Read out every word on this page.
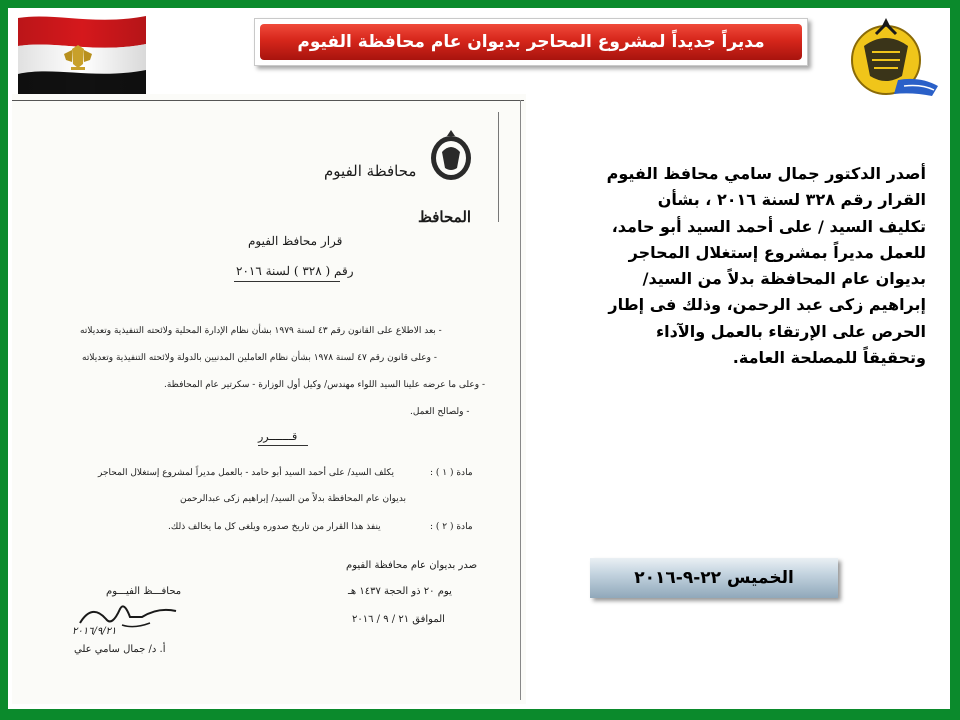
مديراً جديداً لمشروع المحاجر بديوان عام محافظة الفيوم
محافظة الفيوم
المحافظ
قرار محافظ الفيوم
رقم ( ٣٢٨ ) لسنة ٢٠١٦
- بعد الاطلاع على القانون رقم ٤٣ لسنة ١٩٧٩ بشأن نظام الإدارة المحلية ولائحته التنفيذية وتعديلاته
- وعلى قانون رقم ٤٧ لسنة ١٩٧٨ بشأن نظام العاملين المدنيين بالدولة ولائحته التنفيذية وتعديلاته
- وعلى ما عرضه علينا السيد اللواء مهندس/ وكيل أول الوزارة - سكرتير عام المحافظة.
- ولصالح العمل.
قـــــــرر
مادة ( ١ ) :
يكلف السيد/ على أحمد السيد أبو حامد - بالعمل مديراً لمشروع إستغلال المحاجر
بديوان عام المحافظة بدلاً من السيد/ إبراهيم زكى عبدالرحمن
مادة ( ٢ ) :
ينفذ هذا القرار من تاريخ صدوره ويلغى كل ما يخالف ذلك.
صدر بديوان عام محافظة الفيوم
يوم ٢٠ ذو الحجة ١٤٣٧ هـ
الموافق ٢١ / ٩ / ٢٠١٦
محافـــظ الفيـــوم
٢٠١٦/٩/٢١
أ. د/ جمال سامي علي
أصدر الدكتور جمال سامي محافظ الفيوم
القرار رقم ٣٢٨ لسنة ٢٠١٦ ، بشأن
تكليف السيد / على أحمد السيد أبو حامد،
للعمل مديراً بمشروع إستغلال المحاجر
بديوان عام المحافظة بدلاً من السيد/
إبراهيم زكى عبد الرحمن، وذلك فى إطار
الحرص على الإرتقاء بالعمل والآداء
وتحقيقاً للمصلحة العامة.
الخميس ٢٢-٩-٢٠١٦
